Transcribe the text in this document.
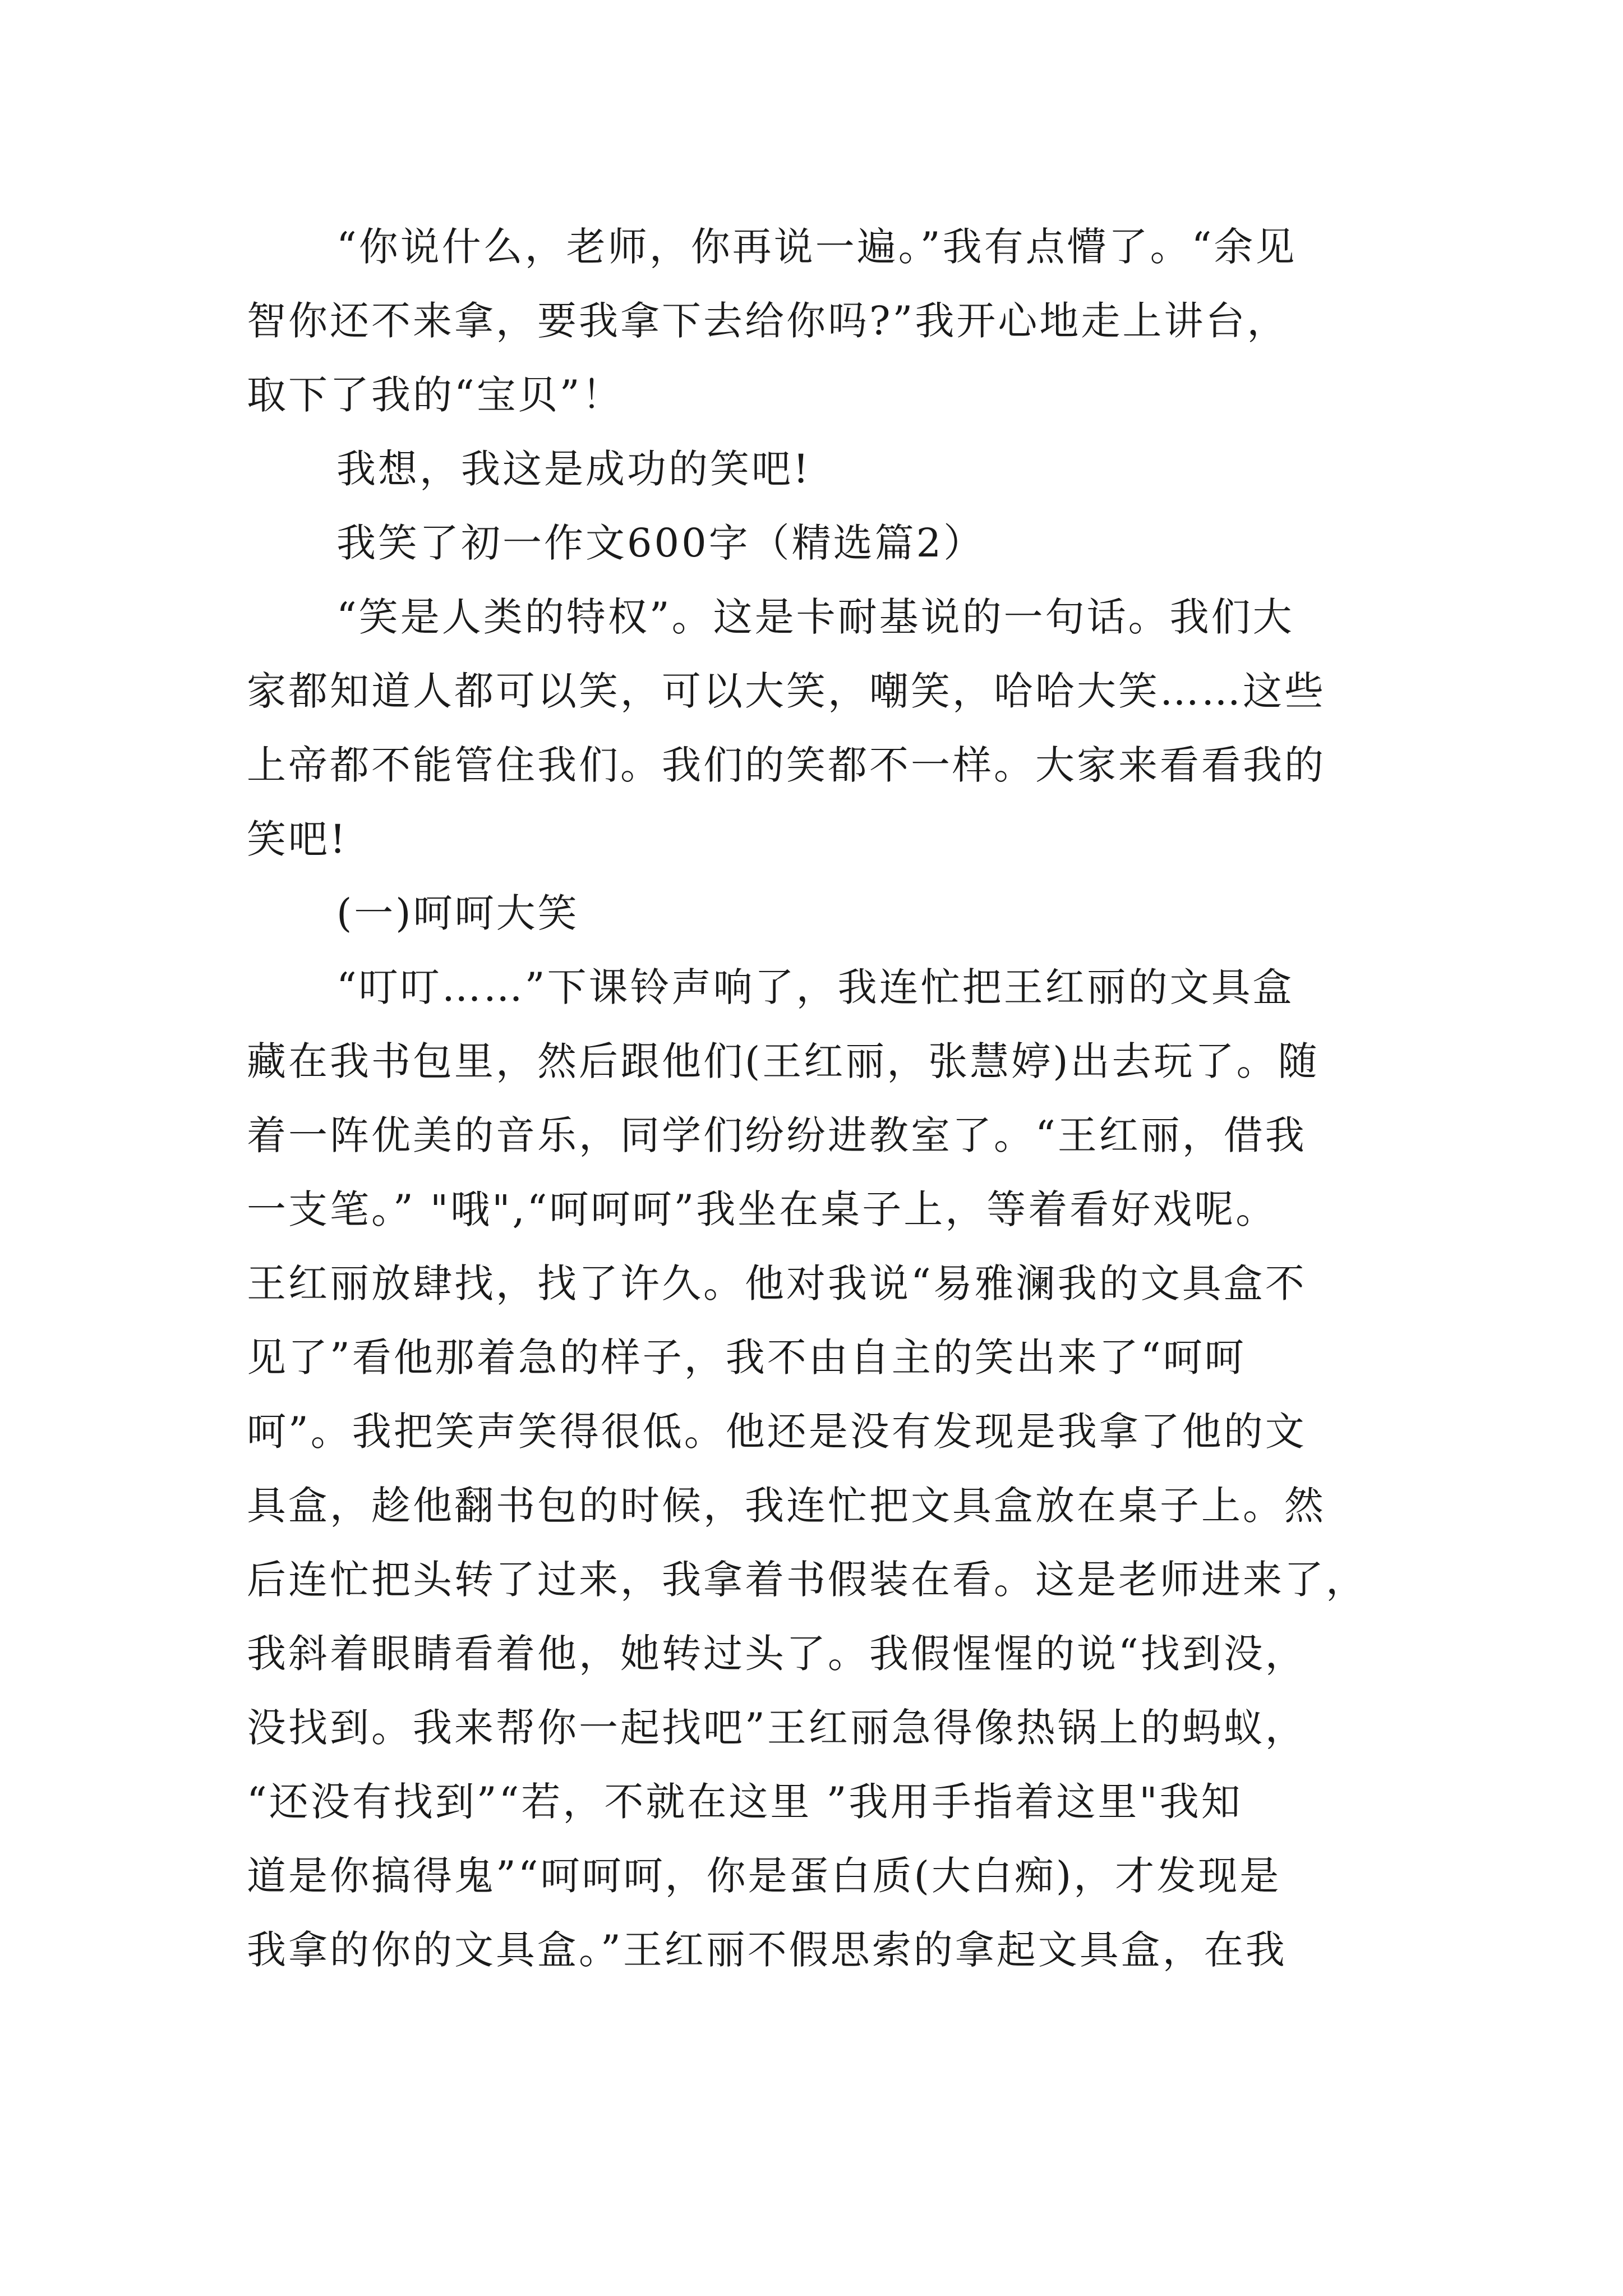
“你说什么，老师，你再说一遍。”我有点懵了。“余见
智你还不来拿，要我拿下去给你吗?”我开心地走上讲台，
取下了我的“宝贝”！
我想，我这是成功的笑吧!
我笑了初一作文600字（精选篇2）
“笑是人类的特权”。这是卡耐基说的一句话。我们大
家都知道人都可以笑，可以大笑，嘲笑，哈哈大笑……这些
上帝都不能管住我们。我们的笑都不一样。大家来看看我的
笑吧!
(一)呵呵大笑
“叮叮……”下课铃声响了，我连忙把王红丽的文具盒
藏在我书包里，然后跟他们(王红丽，张慧婷)出去玩了。随
着一阵优美的音乐，同学们纷纷进教室了。“王红丽，借我
一支笔。” "哦",“呵呵呵”我坐在桌子上，等着看好戏呢。
王红丽放肆找，找了许久。他对我说“易雅澜我的文具盒不
见了”看他那着急的样子，我不由自主的笑出来了“呵呵
呵”。我把笑声笑得很低。他还是没有发现是我拿了他的文
具盒，趁他翻书包的时候，我连忙把文具盒放在桌子上。然
后连忙把头转了过来，我拿着书假装在看。这是老师进来了，
我斜着眼睛看着他，她转过头了。我假惺惺的说“找到没，
没找到。我来帮你一起找吧”王红丽急得像热锅上的蚂蚁，
“还没有找到”“若，不就在这里 ”我用手指着这里"我知
道是你搞得鬼”“呵呵呵，你是蛋白质(大白痴)，才发现是
我拿的你的文具盒。”王红丽不假思索的拿起文具盒，在我
